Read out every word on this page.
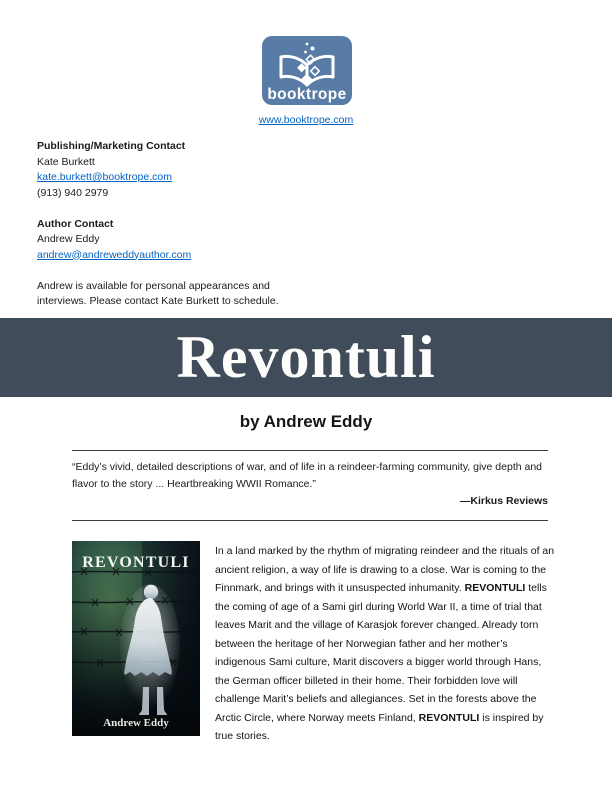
booktrope
www.booktrope.com
Publishing/Marketing Contact
Kate Burkett
kate.burkett@booktrope.com
(913) 940 2979
Author Contact
Andrew Eddy
andrew@andreweddyauthor.com
Andrew is available for personal appearances and interviews. Please contact Kate Burkett to schedule.
Revontuli
by Andrew Eddy
“Eddy’s vivid, detailed descriptions of war, and of life in a reindeer-farming community, give depth and flavor to the story ... Heartbreaking WWII Romance.”
—Kirkus Reviews
REVONTULI
Andrew Eddy
In a land marked by the rhythm of migrating reindeer and the rituals of an ancient religion, a way of life is drawing to a close. War is coming to the Finnmark, and brings with it unsuspected inhumanity. REVONTULI tells the coming of age of a Sami girl during World War II, a time of trial that leaves Marit and the village of Karasjok forever changed. Already torn between the heritage of her Norwegian father and her mother’s indigenous Sami culture, Marit discovers a bigger world through Hans, the German officer billeted in their home. Their forbidden love will challenge Marit’s beliefs and allegiances. Set in the forests above the Arctic Circle, where Norway meets Finland, REVONTULI is inspired by true stories.
